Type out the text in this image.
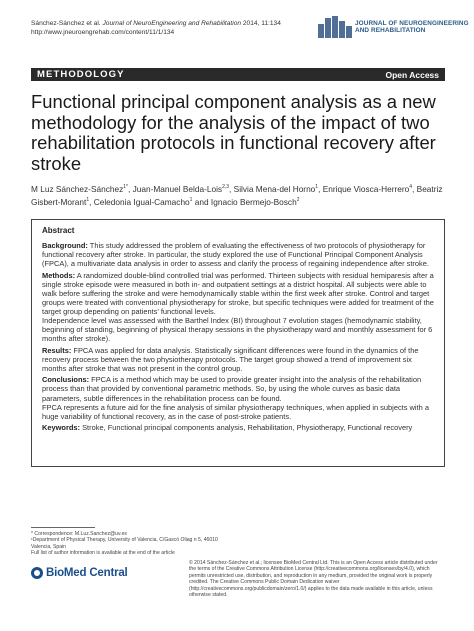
Sánchez-Sánchez et al. Journal of NeuroEngineering and Rehabilitation 2014, 11:134
http://www.jneuroengrehab.com/content/11/1/134
JOURNAL OF NEUROENGINEERING
AND REHABILITATION
METHODOLOGY	Open Access
Functional principal component analysis as a new methodology for the analysis of the impact of two rehabilitation protocols in functional recovery after stroke
M Luz Sánchez-Sánchez$^{1*}$, Juan-Manuel Belda-Lois$^{2,3}$, Silvia Mena-del Horno$^1$, Enrique Viosca-Herrero$^4$, Beatriz Gisbert-Morant$^1$, Celedonia Igual-Camacho$^1$ and Ignacio Bermejo-Bosch$^2$
Abstract

Background: This study addressed the problem of evaluating the effectiveness of two protocols of physiotherapy for functional recovery after stroke. In particular, the study explored the use of Functional Principal Component Analysis (FPCA), a multivariate data analysis in order to assess and clarify the process of regaining independence after stroke.

Methods: A randomized double-blind controlled trial was performed. Thirteen subjects with residual hemiparesis after a single stroke episode were measured in both in- and outpatient settings at a district hospital. All subjects were able to walk before suffering the stroke and were hemodynamically stable within the first week after stroke. Control and target groups were treated with conventional physiotherapy for stroke, but specific techniques were added for treatment of the target group depending on patients' functional levels.

Independence level was assessed with the Barthel Index (BI) throughout 7 evolution stages (hemodynamic stability, beginning of standing, beginning of physical therapy sessions in the physiotherapy ward and monthly assessment for 6 months after stroke).

Results: FPCA was applied for data analysis. Statistically significant differences were found in the dynamics of the recovery process between the two physiotherapy protocols. The target group showed a trend of improvement six months after stroke that was not present in the control group.

Conclusions: FPCA is a method which may be used to provide greater insight into the analysis of the rehabilitation process than that provided by conventional parametric methods. So, by using the whole curves as basic data parameters, subtle differences in the rehabilitation process can be found.

FPCA represents a future aid for the fine analysis of similar physiotherapy techniques, when applied in subjects with a huge variability of functional recovery, as in the case of post-stroke patients.

Keywords: Stroke, Functional principal components analysis, Rehabilitation, Physiotherapy, Functional recovery

* Correspondence: M.Luz.Sanchez@uv.es
¹Department of Physical Therapy, University of Valencia, C/Gascó Oliag n 5, 46010 Valencia, Spain
Full list of author information is available at the end of the article
BioMed Central
© 2014 Sánchez-Sánchez et al.; licensee BioMed Central Ltd. This is an Open Access article distributed under the terms of the Creative Commons Attribution License (http://creativecommons.org/licenses/by/4.0), which permits unrestricted use, distribution, and reproduction in any medium, provided the original work is properly credited. The Creative Commons Public Domain Dedication waiver (http://creativecommons.org/publicdomain/zero/1.0/) applies to the data made available in this article, unless otherwise stated.
